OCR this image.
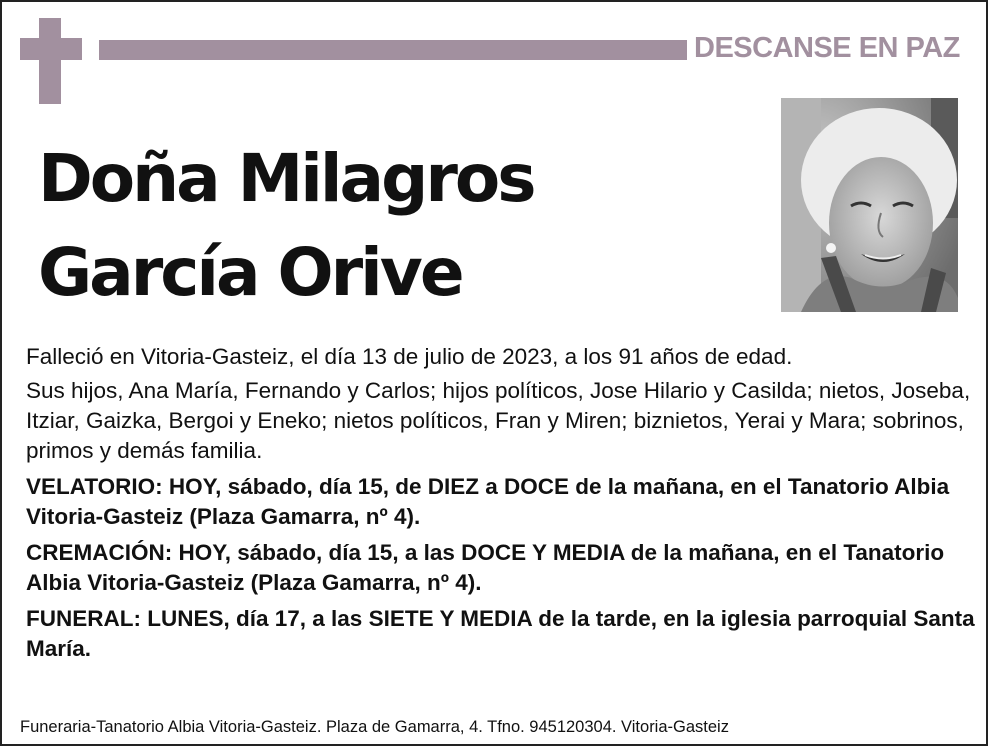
DESCANSE EN PAZ
Doña Milagros
García Orive

Falleció en Vitoria-Gasteiz, el día 13 de julio de 2023, a los 91 años de edad.

Sus hijos, Ana María, Fernando y Carlos; hijos políticos, Jose Hilario y Casilda; nietos, Joseba, Itziar, Gaizka, Bergoi y Eneko; nietos políticos, Fran y Miren; biznietos, Yerai y Mara; sobrinos, primos y demás familia.

VELATORIO: HOY, sábado, día 15, de DIEZ a DOCE de la mañana, en el Tanatorio Albia Vitoria-Gasteiz (Plaza Gamarra, nº 4).

CREMACIÓN: HOY, sábado, día 15, a las DOCE Y MEDIA de la mañana, en el Tanatorio Albia Vitoria-Gasteiz (Plaza Gamarra, nº 4).

FUNERAL: LUNES, día 17, a las SIETE Y MEDIA de la tarde, en la iglesia parroquial Santa María.

Funeraria-Tanatorio Albia Vitoria-Gasteiz. Plaza de Gamarra, 4. Tfno. 945120304. Vitoria-Gasteiz
